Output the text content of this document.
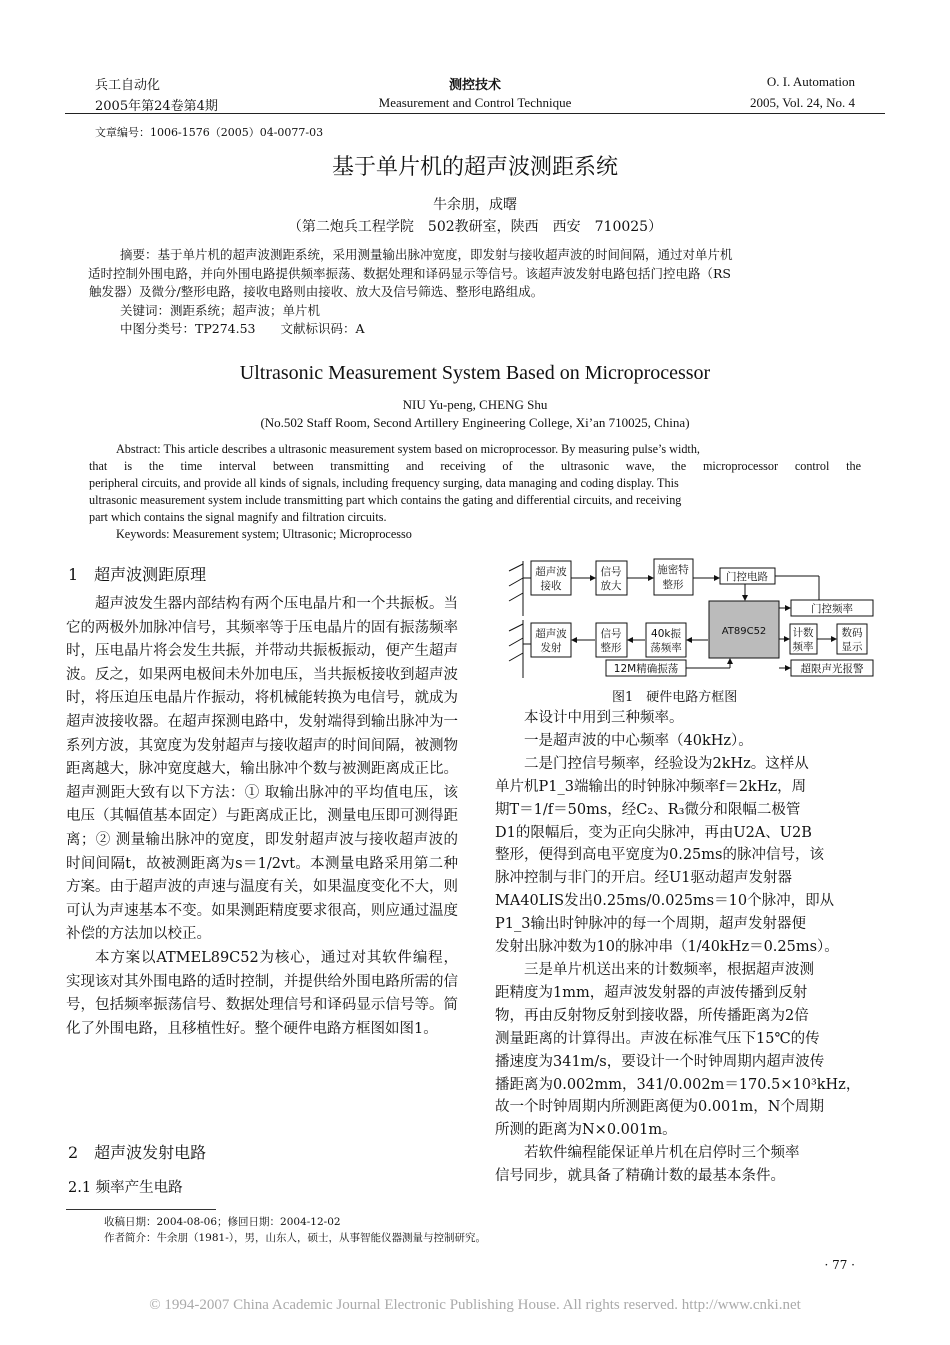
兵工自动化
2005年第24卷第4期
测控技术
Measurement and Control Technique
O. I. Automation
2005, Vol. 24, No. 4
文章编号：1006-1576（2005）04-0077-03
基于单片机的超声波测距系统
牛余朋，成曙
（第二炮兵工程学院　502教研室，陕西　西安　710025）
摘要：基于单片机的超声波测距系统，采用测量输出脉冲宽度，即发射与接收超声波的时间间隔，通过对单片机
适时控制外围电路，并向外围电路提供频率振荡、数据处理和译码显示等信号。该超声波发射电路包括门控电路（RS
触发器）及微分/整形电路，接收电路则由接收、放大及信号筛选、整形电路组成。
关键词：测距系统；超声波；单片机
中图分类号：TP274.53　　文献标识码：A
Ultrasonic Measurement System Based on Microprocessor
NIU Yu-peng, CHENG Shu
(No.502 Staff Room, Second Artillery Engineering College, Xi’an 710025, China)
Abstract: This article describes a ultrasonic measurement system based on microprocessor. By measuring pulse’s width,
that is the time interval between transmitting and receiving of the ultrasonic wave, the microprocessor control the
peripheral circuits, and provide all kinds of signals, including frequency surging, data managing and coding display. This
ultrasonic measurement system include transmitting part which contains the gating and differential circuits, and receiving
part which contains the signal magnify and filtration circuits.
Keywords: Measurement system; Ultrasonic; Microprocesso
1　超声波测距原理

超声波发生器内部结构有两个压电晶片和一个共振板。当它的两极外加脉冲信号，其频率等于压电晶片的固有振荡频率时，压电晶片将会发生共振，并带动共振板振动，便产生超声波。反之，如果两电极间未外加电压，当共振板接收到超声波时，将压迫压电晶片作振动，将机械能转换为电信号，就成为超声波接收器。在超声探测电路中，发射端得到输出脉冲为一系列方波，其宽度为发射超声与接收超声的时间间隔，被测物距离越大，脉冲宽度越大，输出脉冲个数与被测距离成正比。超声测距大致有以下方法：① 取输出脉冲的平均值电压，该电压（其幅值基本固定）与距离成正比，测量电压即可测得距离；② 测量输出脉冲的宽度，即发射超声波与接收超声波的时间间隔t，故被测距离为s＝1/2vt。本测量电路采用第二种方案。由于超声波的声速与温度有关，如果温度变化不大，则可认为声速基本不变。如果测距精度要求很高，则应通过温度补偿的方法加以校正。

本方案以ATMEL89C52为核心，通过对其软件编程，实现该对其外围电路的适时控制，并提供给外围电路所需的信号，包括频率振荡信号、数据处理信号和译码显示信号等。简化了外围电路，且移植性好。整个硬件电路方框图如图1。

2　超声波发射电路
2.1 频率产生电路
超声波
接收
信号
放大
施密特
整形
门控电路
超声波
发射
信号
整形
40k振
荡频率
AT89C52
门控频率
计数
频率
数码
显示
12M精确振荡	超限声光报警
图1　硬件电路方框图
本设计中用到三种频率。
一是超声波的中心频率（40kHz）。
二是门控信号频率，经验设为2kHz。这样从
单片机P1_3端输出的时钟脉冲频率f＝2kHz，周
期T＝1/f＝50ms，经C₂、R₃微分和限幅二极管
D1的限幅后，变为正向尖脉冲，再由U2A、U2B
整形，便得到高电平宽度为0.25ms的脉冲信号，该
脉冲控制与非门的开启。经U1驱动超声发射器
MA40LIS发出0.25ms/0.025ms＝10个脉冲，即从
P1_3输出时钟脉冲的每一个周期，超声发射器便
发射出脉冲数为10的脉冲串（1/40kHz＝0.25ms）。
三是单片机送出来的计数频率，根据超声波测
距精度为1mm，超声波发射器的声波传播到反射
物，再由反射物反射到接收器，所传播距离为2倍
测量距离的计算得出。声波在标准气压下15℃的传
播速度为341m/s，要设计一个时钟周期内超声波传
播距离为0.002mm，341/0.002m＝170.5×10³kHz，
故一个时钟周期内所测距离便为0.001m，N个周期
所测的距离为N×0.001m。
若软件编程能保证单片机在启停时三个频率
信号同步，就具备了精确计数的最基本条件。
收稿日期：2004-08-06；修回日期：2004-12-02
作者简介：牛余朋（1981-），男，山东人，硕士，从事智能仪器测量与控制研究。
· 77 ·
© 1994-2007 China Academic Journal Electronic Publishing House. All rights reserved. http://www.cnki.net
